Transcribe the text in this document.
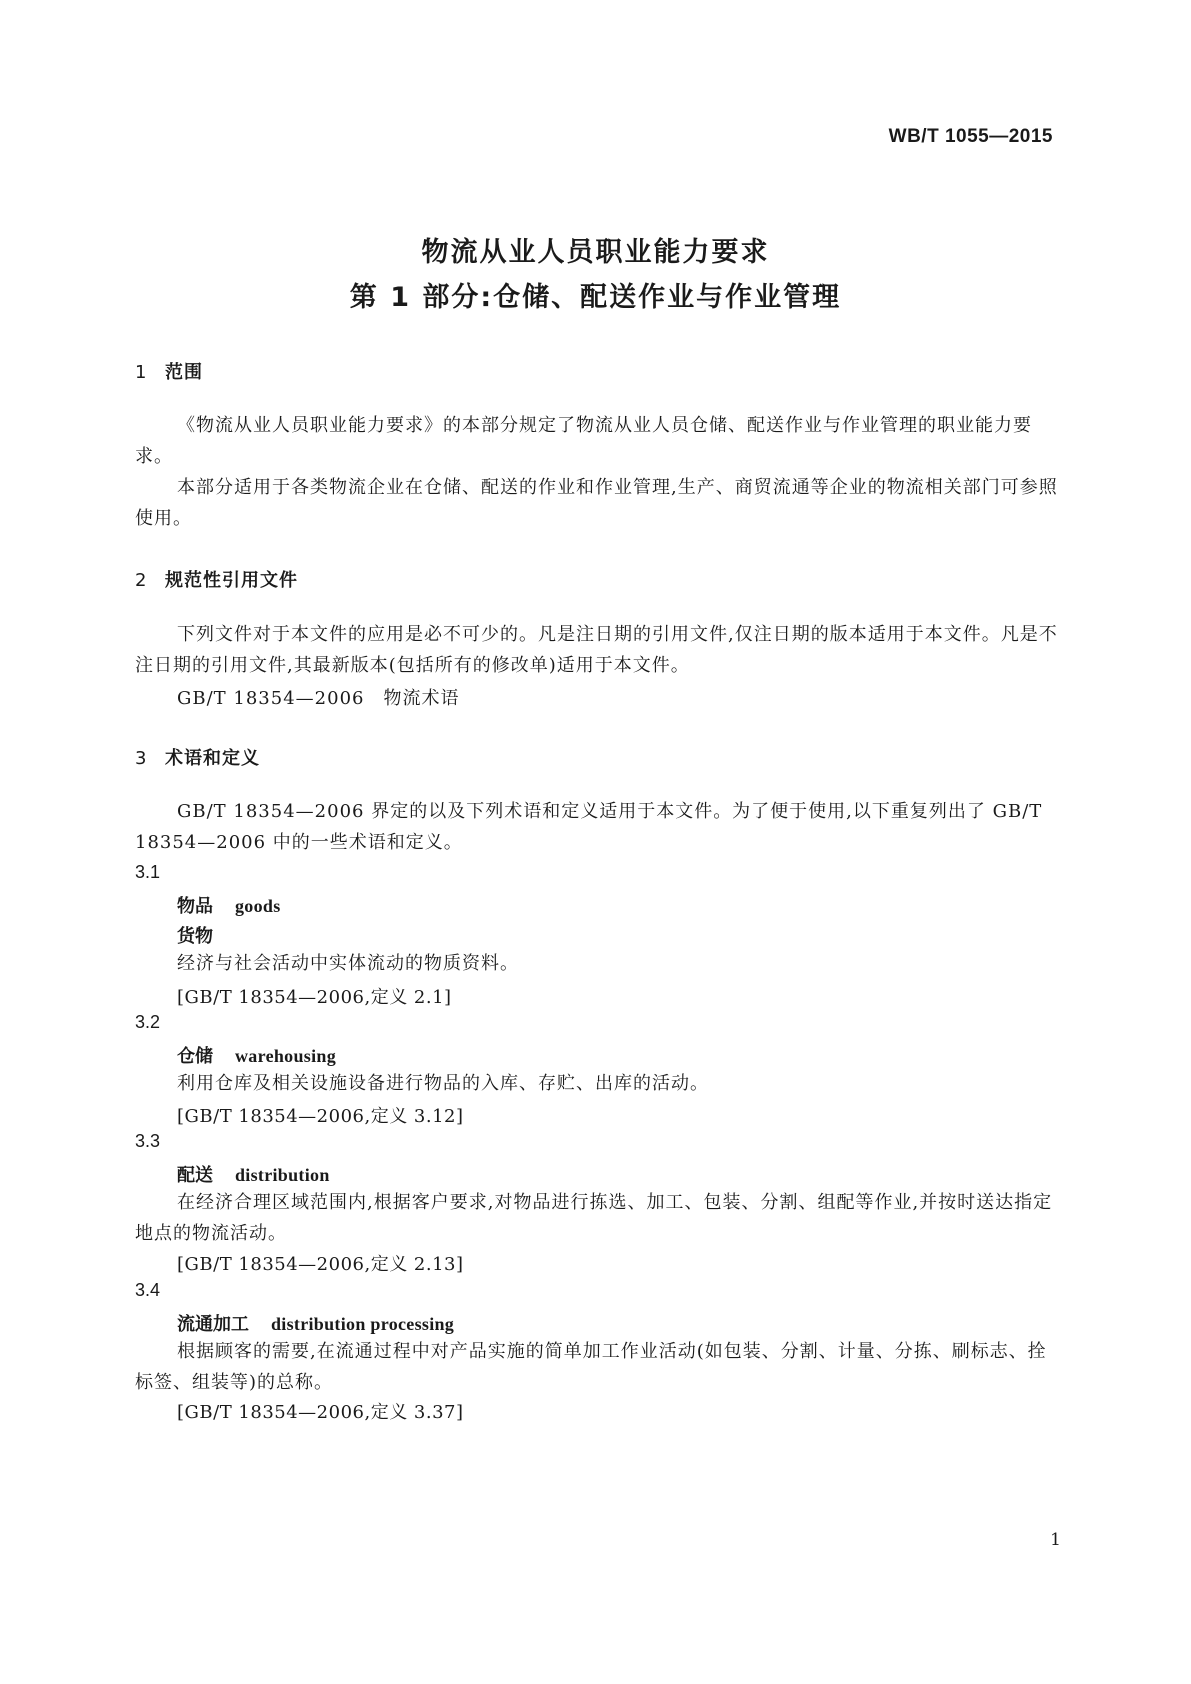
WB/T 1055—2015
物流从业人员职业能力要求
第 1 部分:仓储、配送作业与作业管理
1 范围
《物流从业人员职业能力要求》的本部分规定了物流从业人员仓储、配送作业与作业管理的职业能力要求。
本部分适用于各类物流企业在仓储、配送的作业和作业管理,生产、商贸流通等企业的物流相关部门可参照使用。
2 规范性引用文件
下列文件对于本文件的应用是必不可少的。凡是注日期的引用文件,仅注日期的版本适用于本文件。凡是不注日期的引用文件,其最新版本(包括所有的修改单)适用于本文件。
GB/T 18354—2006　物流术语
3 术语和定义
GB/T 18354—2006 界定的以及下列术语和定义适用于本文件。为了便于使用,以下重复列出了 GB/T 18354—2006 中的一些术语和定义。
3.1
物品 goods
货物
经济与社会活动中实体流动的物质资料。
[GB/T 18354—2006,定义 2.1]
3.2
仓储 warehousing
利用仓库及相关设施设备进行物品的入库、存贮、出库的活动。
[GB/T 18354—2006,定义 3.12]
3.3
配送 distribution
在经济合理区域范围内,根据客户要求,对物品进行拣选、加工、包装、分割、组配等作业,并按时送达指定地点的物流活动。
[GB/T 18354—2006,定义 2.13]
3.4
流通加工 distribution processing
根据顾客的需要,在流通过程中对产品实施的简单加工作业活动(如包装、分割、计量、分拣、刷标志、拴标签、组装等)的总称。
[GB/T 18354—2006,定义 3.37]
1
